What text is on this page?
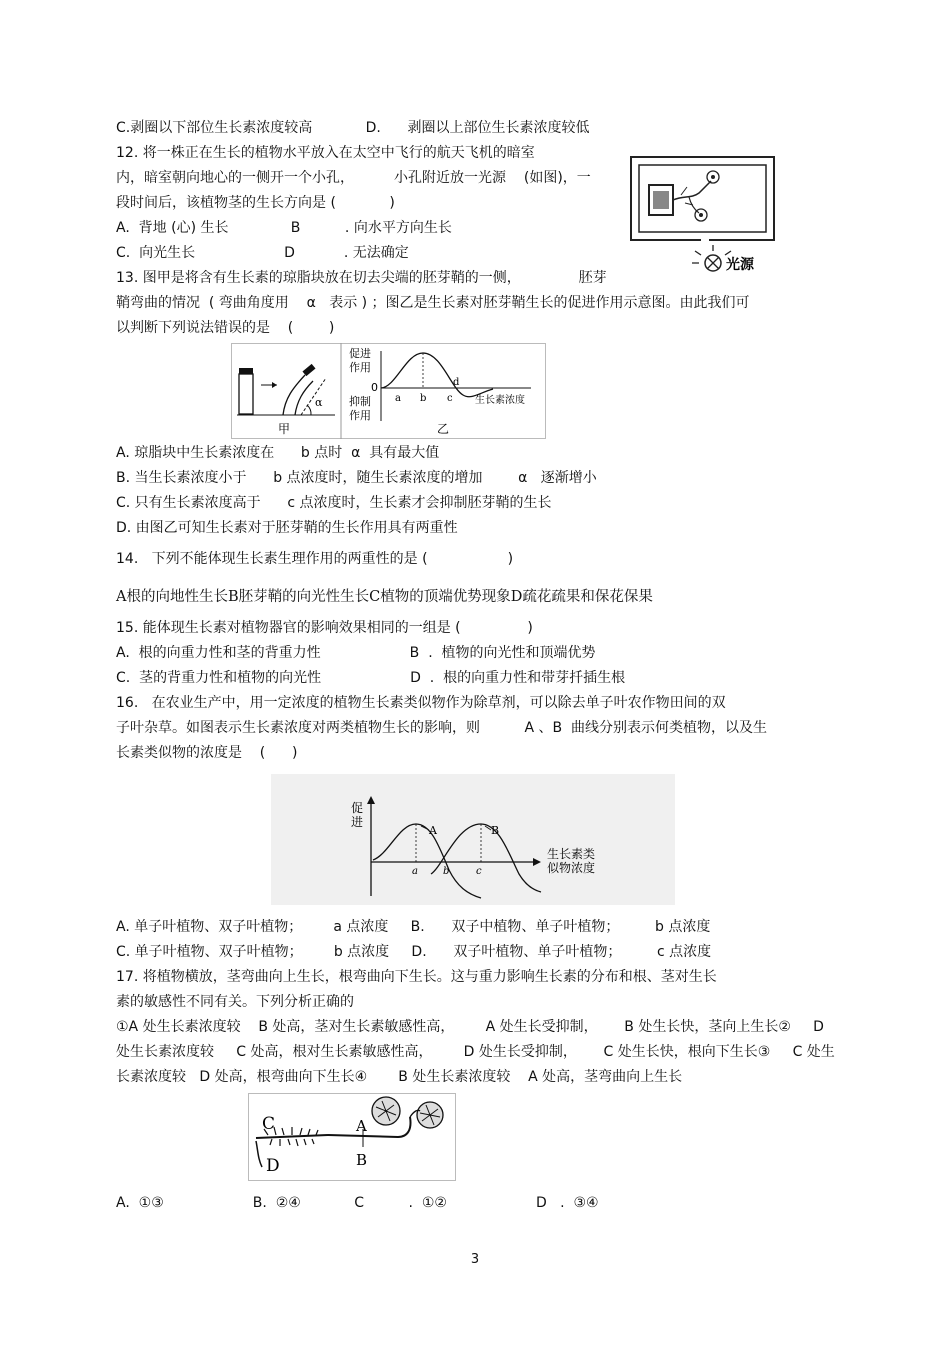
C.剥圈以下部位生长素浓度较高            D.      剥圈以上部位生长素浓度较低
12. 将一株正在生长的植物水平放入在太空中飞行的航天飞机的暗室
内，暗室朝向地心的一侧开一个小孔，         小孔附近放一光源    (如图)，一
段时间后，该植物茎的生长方向是 (            )
A.  背地 (心) 生长              B          . 向水平方向生长
C.  向光生长                    D           . 无法确定
13. 图甲是将含有生长素的琼脂块放在切去尖端的胚芽鞘的一侧，             胚芽
鞘弯曲的情况  ( 弯曲角度用    α   表示 ) ；图乙是生长素对胚芽鞘生长的促进作用示意图。由此我们可
以判断下列说法错误的是    (        )
光源
α
甲
促进
作用
0
抑制
作用
a b c
d
生长素浓度
乙
A. 琼脂块中生长素浓度在      b 点时  α  具有最大值
B. 当生长素浓度小于      b 点浓度时，随生长素浓度的增加        α   逐渐增小
C. 只有生长素浓度高于      c 点浓度时，生长素才会抑制胚芽鞘的生长
D. 由图乙可知生长素对于胚芽鞘的生长作用具有两重性
14.   下列不能体现生长素生理作用的两重性的是 (                  )
A根的向地性生长B胚芽鞘的向光性生长C植物的顶端优势现象D疏花疏果和保花保果
15. 能体现生长素对植物器官的影响效果相同的一组是 (               )
A.  根的向重力性和茎的背重力性                    B  .  植物的向光性和顶端优势
C.  茎的背重力性和植物的向光性                    D  .  根的向重力性和带芽扦插生根
16.   在农业生产中，用一定浓度的植物生长素类似物作为除草剂，可以除去单子叶农作物田间的双
子叶杂草。如图表示生长素浓度对两类植物生长的影响，则          A 、B  曲线分别表示何类植物，以及生
长素类似物的浓度是    (      )
促
进
A	B
a	b	c
生长素类
似物浓度
A. 单子叶植物、双子叶植物；       a 点浓度     B.      双子中植物、单子叶植物；        b 点浓度
C. 单子叶植物、双子叶植物；       b 点浓度     D.      双子叶植物、单子叶植物；        c 点浓度
17. 将植物横放，茎弯曲向上生长，根弯曲向下生长。这与重力影响生长素的分布和根、茎对生长
素的敏感性不同有关。下列分析正确的
①A 处生长素浓度较    B 处高，茎对生长素敏感性高，       A 处生长受抑制，      B 处生长快，茎向上生长②     D
处生长素浓度较     C 处高，根对生长素敏感性高，       D 处生长受抑制，      C 处生长快，根向下生长③     C 处生
长素浓度较   D 处高，根弯曲向下生长④       B 处生长素浓度较    A 处高，茎弯曲向上生长
C
D
A
B
A.  ①③                    B.  ②④            C          .  ①②                    D   .  ③④
3
